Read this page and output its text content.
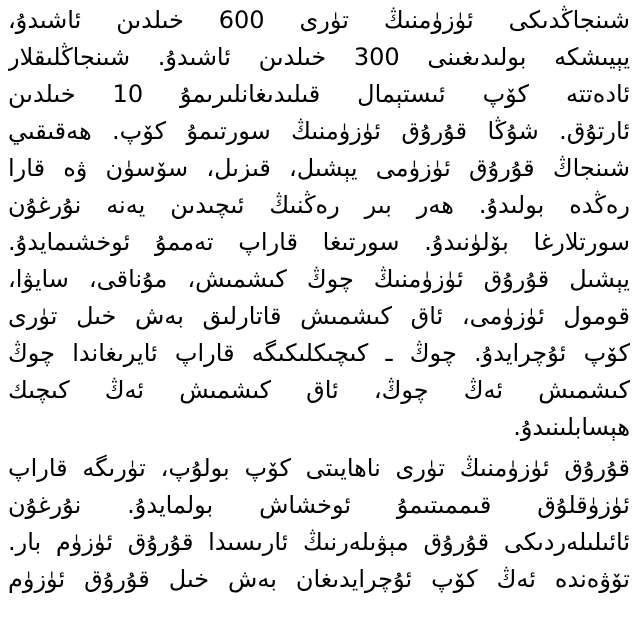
شىنجاڭدىكى ئۈزۈمنىڭ تۈرى 600 خىلدىن ئاشىدۇ،
يېيىشكە بولىدىغىنى 300 خىلدىن ئاشىدۇ. شىنجاڭلىقلار
ئادەتتە كۆپ ئىستېمال قىلىدىغانلىرىمۇ 10 خىلدىن
ئارتۇق. شۇڭا قۇرۇق ئۈزۈمنىڭ سورتىمۇ كۆپ. ھەقىقىي
شىنجاڭ قۇرۇق ئۈزۈمى يېشىل، قىزىل، سۆسۈن ۋە قارا
رەڭدە بولىدۇ. ھەر بىر رەڭنىڭ ئىچىدىن يەنە نۇرغۇن
سورتلارغا بۆلۈنىدۇ. سورتىغا قاراپ تەممۇ ئوخشىمايدۇ.
يېشىل قۇرۇق ئۈزۈمنىڭ چوڭ كىشمىش، مۇناقى، سايۋا،
قومول ئۈزۈمى، ئاق كىشمىش قاتارلىق بەش خىل تۈرى
كۆپ ئۇچرايدۇ. چوڭ ـ كىچىكلىكىگە قاراپ ئايرىغاندا چوڭ
كىشمىش ئەڭ چوڭ، ئاق كىشمىش ئەڭ كىچىك
ھېسابلىنىدۇ.
قۇرۇق ئۈزۈمنىڭ تۈرى ناھايىتى كۆپ بولۇپ، تۈرىگە قاراپ
ئۈزۈقلۇق قىممىتىمۇ ئوخشاش بولمايدۇ. نۇرغۇن
ئائىلىلەردىكى قۇرۇق مېۋىلەرنىڭ ئارىسىدا قۇرۇق ئۈزۈم بار.
تۆۋەندە ئەڭ كۆپ ئۇچرايدىغان بەش خىل قۇرۇق ئۈزۈم
